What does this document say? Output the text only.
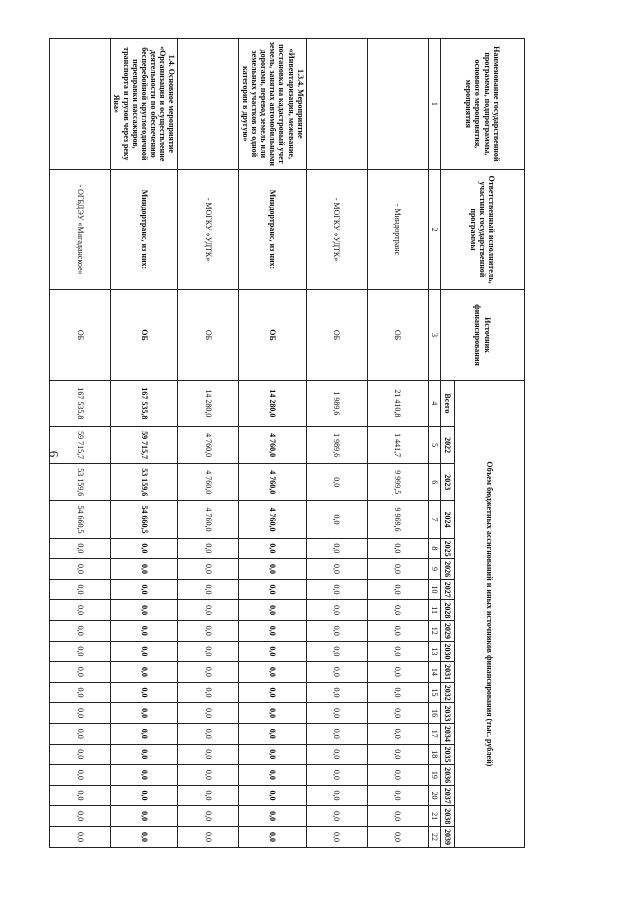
6
Наименование государственной программы, подпрограммы, основного мероприятия, мероприятия	Ответственный исполнитель, участник государственной программы	Источник финансирования	Объем бюджетных ассигнований и иных источников финансирования (тыс. рублей)																		
			Всего	2022	2023	2024	2025	2026	2027	2028	2029	2030	2031	2032	2033	2034	2035	2036	2037	2038	2039
1	2	3	4	5	6	7	8	9	10	11	12	13	14	15	16	17	18	19	20	21	22
	- Миндортранс	ОБ	21 410,8	1 441,7	9 999,5	9 969,6	0,0	0,0	0,0	0,0	0,0	0,0	0,0	0,0	0,0	0,0	0,0	0,0	0,0	0,0	0,0
	- МОГКУ «УДТК»	ОБ	1 989,6	1 989,6	0,0	0,0	0,0	0,0	0,0	0,0	0,0	0,0	0,0	0,0	0,0	0,0	0,0	0,0	0,0	0,0	0,0
1.3.4. Мероприятие «Инвентаризация, межевание, постановка на кадастровый учет земель, занятых автомобильными дорогами, перевод земель или земельных участков из одной категории в другую»	Миндортранс, из них:	ОБ	14 280,0	4 760,0	4 760,0	4 760,0	0,0	0,0	0,0	0,0	0,0	0,0	0,0	0,0	0,0	0,0	0,0	0,0	0,0	0,0	0,0
	- МОГКУ «УДТК»	ОБ	14 280,0	4 760,0	4 760,0	4 760,0	0,0	0,0	0,0	0,0	0,0	0,0	0,0	0,0	0,0	0,0	0,0	0,0	0,0	0,0	0,0
1.4. Основное мероприятие «Организация и осуществление деятельности по обеспечению бесперебойной круглогодичной переправки пассажиров, транспорта и грузов через реку Яна»	Миндортранс, из них:	ОБ	167 535,8	59 715,7	53 159,6	54 660,5	0,0	0,0	0,0	0,0	0,0	0,0	0,0	0,0	0,0	0,0	0,0	0,0	0,0	0,0	0,0
	- ОГБДЭУ «Магаданское»	ОБ	167 535,8	59 715,7	53 159,6	54 660,5	0,0	0,0	0,0	0,0	0,0	0,0	0,0	0,0	0,0	0,0	0,0	0,0	0,0	0,0	0,0
